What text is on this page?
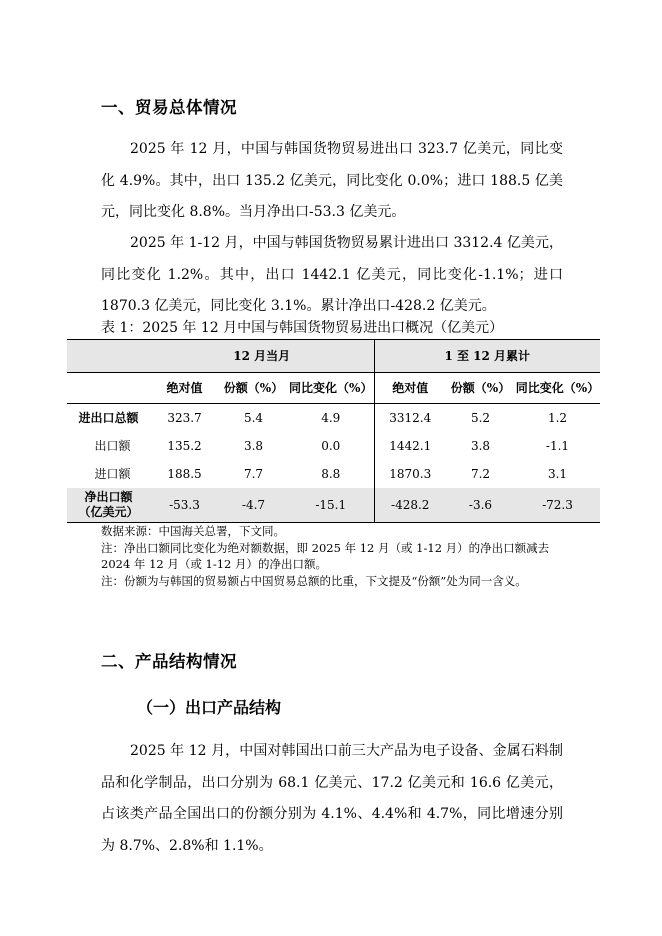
一、贸易总体情况

2025 年 12 月，中国与韩国货物贸易进出口 323.7 亿美元，同比变化 4.9%。其中，出口 135.2 亿美元，同比变化 0.0%；进口 188.5 亿美元，同比变化 8.8%。当月净出口-53.3 亿美元。

2025 年 1-12 月，中国与韩国货物贸易累计进出口 3312.4 亿美元，同比变化 1.2%。其中，出口 1442.1 亿美元，同比变化-1.1%；进口 1870.3 亿美元，同比变化 3.1%。累计净出口-428.2 亿美元。

表 1：2025 年 12 月中国与韩国货物贸易进出口概况（亿美元）
	12 月当月			1 至 12 月累计		
	绝对值	份额（%）	同比变化（%）	绝对值	份额（%）	同比变化（%）
进出口总额	323.7	5.4	4.9	3312.4	5.2	1.2
出口额	135.2	3.8	0.0	1442.1	3.8	-1.1
进口额	188.5	7.7	8.8	1870.3	7.2	3.1

净出口额
（亿美元）	-53.3	-4.7	-15.1	-428.2	-3.6	-72.3

数据来源：中国海关总署，下文同。

注：净出口额同比变化为绝对额数据，即 2025 年 12 月（或 1-12 月）的净出口额减去 2024 年 12 月（或 1-12 月）的净出口额。

注：份额为与韩国的贸易额占中国贸易总额的比重，下文提及“份额”处为同一含义。

二、产品结构情况
（一）出口产品结构

2025 年 12 月，中国对韩国出口前三大产品为电子设备、金属石料制品和化学制品，出口分别为 68.1 亿美元、17.2 亿美元和 16.6 亿美元，占该类产品全国出口的份额分别为 4.1%、4.4%和 4.7%，同比增速分别为 8.7%、2.8%和 1.1%。
